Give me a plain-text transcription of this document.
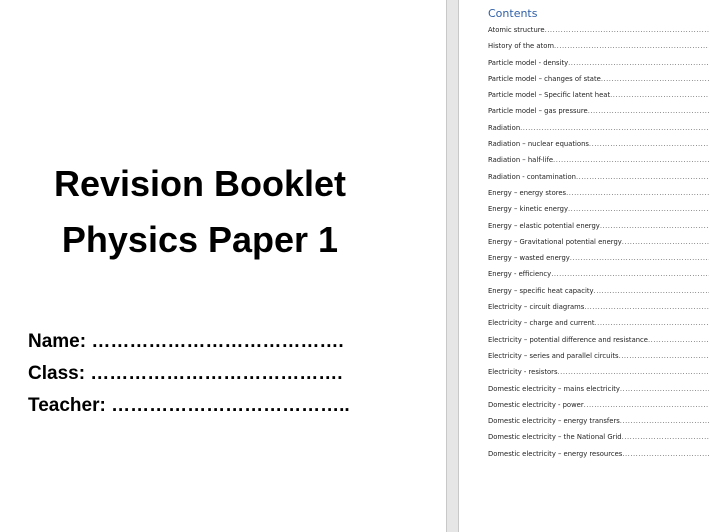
Revision Booklet
Physics Paper 1
Name: ………………………………….
Class: ………………………………….
Teacher: ………………………………..
Contents
Atomic structure
.....
History of the atom
.....
Particle model - density
.....
Particle model – changes of state
.....
Particle model – Specific latent heat
.....
Particle model – gas pressure
.....
Radiation
.....
Radiation – nuclear equations
.....
Radiation – half-life
.....
Radiation - contamination
.....
Energy – energy stores
.....
Energy – kinetic energy
.....
Energy – elastic potential energy
.....
Energy – Gravitational potential energy
.....
Energy – wasted energy
.....
Energy - efficiency
.....
Energy – specific heat capacity
.....
Electricity – circuit diagrams
.....
Electricity – charge and current
.....
Electricity – potential difference and resistance
.....
Electricity – series and parallel circuits
.....
Electricity - resistors
.....
Domestic electricity – mains electricity
.....
Domestic electricity - power
.....
Domestic electricity – energy transfers
.....
Domestic electricity – the National Grid
.....
Domestic electricity – energy resources
.....
